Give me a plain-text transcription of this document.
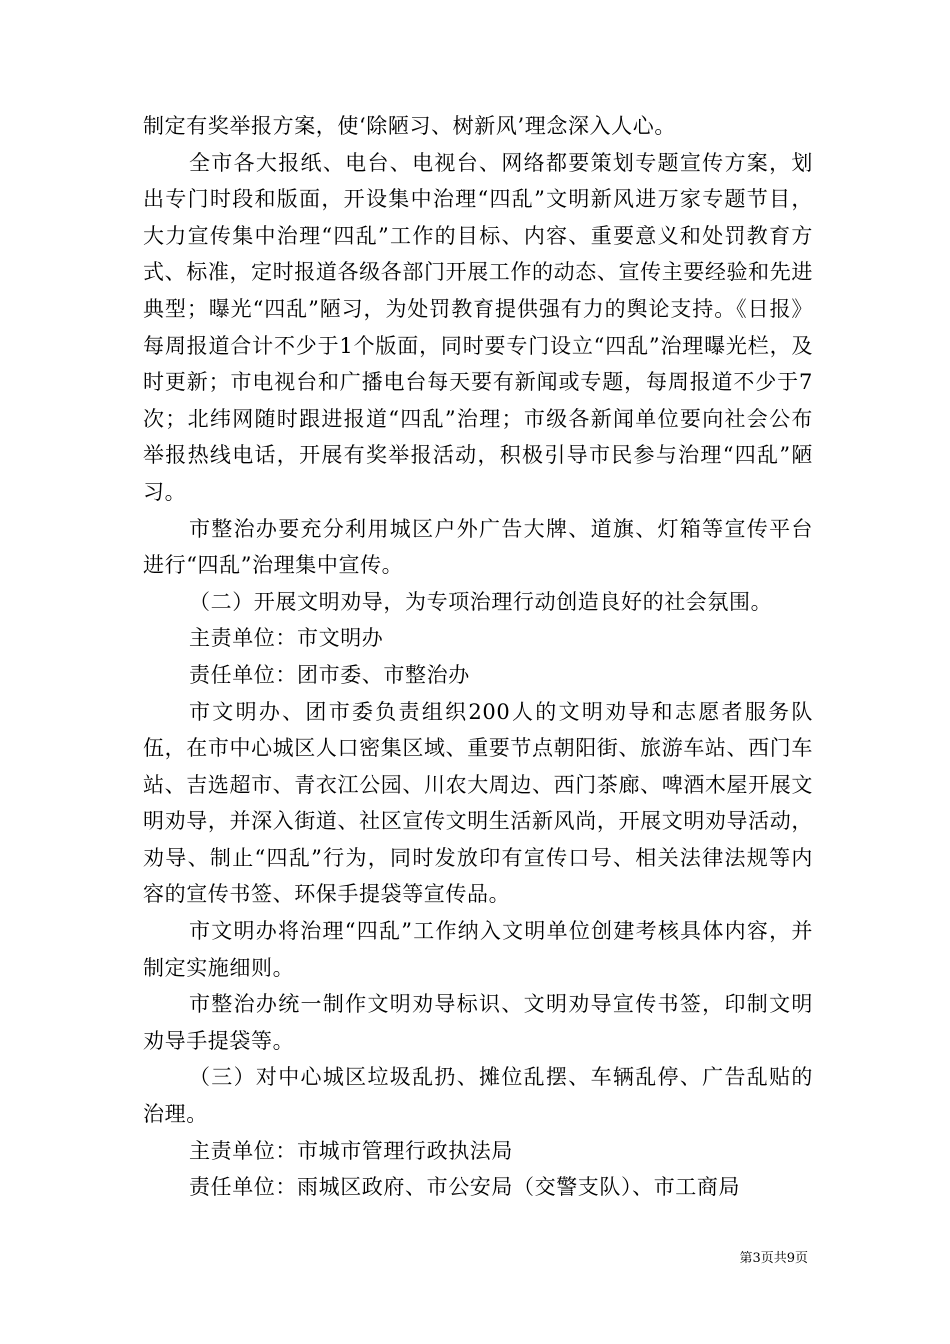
制定有奖举报方案，使‘除陋习、树新风’理念深入人心。

全市各大报纸、电台、电视台、网络都要策划专题宣传方案，划出专门时段和版面，开设集中治理“四乱”文明新风进万家专题节目，大力宣传集中治理“四乱”工作的目标、内容、重要意义和处罚教育方式、标准，定时报道各级各部门开展工作的动态、宣传主要经验和先进典型；曝光“四乱”陋习，为处罚教育提供强有力的舆论支持。《日报》每周报道合计不少于1个版面，同时要专门设立“四乱”治理曝光栏，及时更新；市电视台和广播电台每天要有新闻或专题，每周报道不少于7次；北纬网随时跟进报道“四乱”治理；市级各新闻单位要向社会公布举报热线电话，开展有奖举报活动，积极引导市民参与治理“四乱”陋习。

市整治办要充分利用城区户外广告大牌、道旗、灯箱等宣传平台进行“四乱”治理集中宣传。

（二）开展文明劝导，为专项治理行动创造良好的社会氛围。

主责单位：市文明办

责任单位：团市委、市整治办

市文明办、团市委负责组织200人的文明劝导和志愿者服务队伍，在市中心城区人口密集区域、重要节点朝阳街、旅游车站、西门车站、吉选超市、青衣江公园、川农大周边、西门茶廊、啤酒木屋开展文明劝导，并深入街道、社区宣传文明生活新风尚，开展文明劝导活动，劝导、制止“四乱”行为，同时发放印有宣传口号、相关法律法规等内容的宣传书签、环保手提袋等宣传品。

市文明办将治理“四乱”工作纳入文明单位创建考核具体内容，并制定实施细则。

市整治办统一制作文明劝导标识、文明劝导宣传书签，印制文明劝导手提袋等。

（三）对中心城区垃圾乱扔、摊位乱摆、车辆乱停、广告乱贴的治理。

主责单位：市城市管理行政执法局

责任单位：雨城区政府、市公安局（交警支队）、市工商局

第3页共9页
